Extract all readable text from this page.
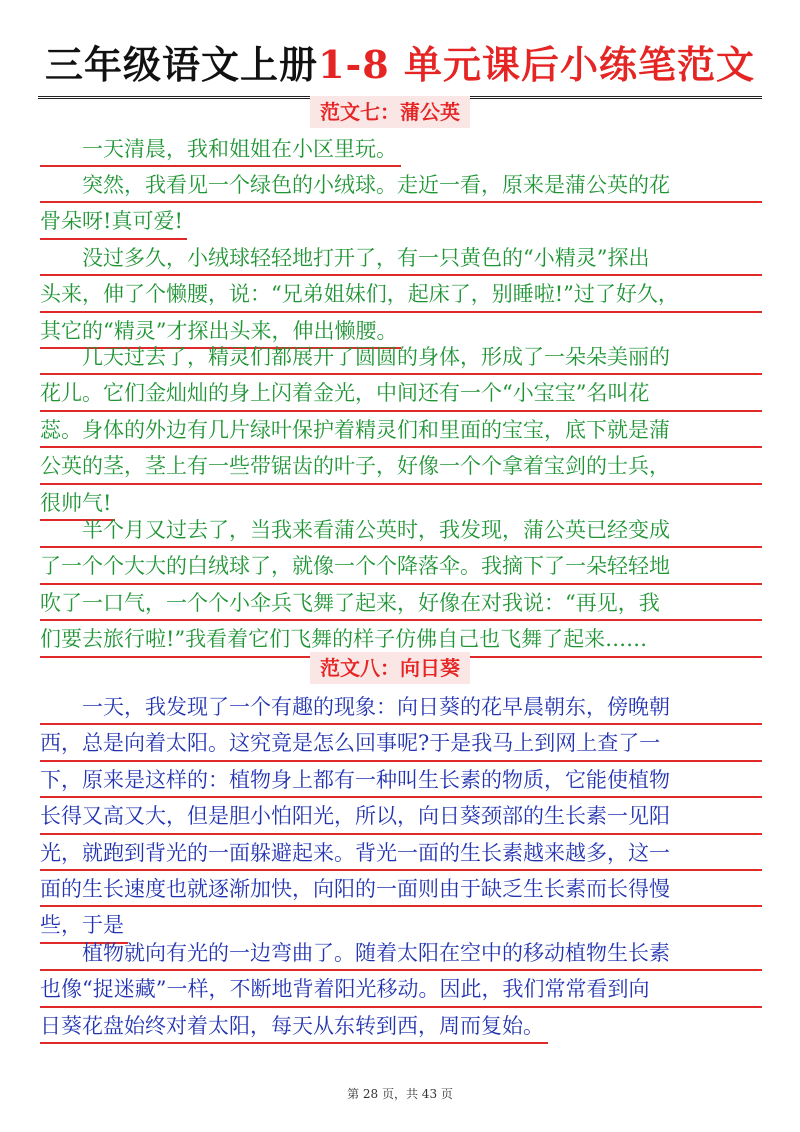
三年级语文上册1-8 单元课后小练笔范文
范文七：蒲公英
一天清晨，我和姐姐在小区里玩。
突然，我看见一个绿色的小绒球。走近一看，原来是蒲公英的花
骨朵呀!真可爱!
没过多久，小绒球轻轻地打开了，有一只黄色的“小精灵”探出
头来，伸了个懒腰，说：“兄弟姐妹们，起床了，别睡啦!”过了好久，
其它的“精灵”才探出头来，伸出懒腰。
几天过去了，精灵们都展开了圆圆的身体，形成了一朵朵美丽的
花儿。它们金灿灿的身上闪着金光，中间还有一个“小宝宝”名叫花
蕊。身体的外边有几片绿叶保护着精灵们和里面的宝宝，底下就是蒲
公英的茎，茎上有一些带锯齿的叶子，好像一个个拿着宝剑的士兵，
很帅气!
半个月又过去了，当我来看蒲公英时，我发现，蒲公英已经变成
了一个个大大的白绒球了，就像一个个降落伞。我摘下了一朵轻轻地
吹了一口气，一个个小伞兵飞舞了起来，好像在对我说：“再见，我
们要去旅行啦!”我看着它们飞舞的样子仿佛自己也飞舞了起来……
范文八：向日葵
一天，我发现了一个有趣的现象：向日葵的花早晨朝东，傍晚朝
西，总是向着太阳。这究竟是怎么回事呢?于是我马上到网上查了一
下，原来是这样的：植物身上都有一种叫生长素的物质，它能使植物
长得又高又大，但是胆小怕阳光，所以，向日葵颈部的生长素一见阳
光，就跑到背光的一面躲避起来。背光一面的生长素越来越多，这一
面的生长速度也就逐渐加快，向阳的一面则由于缺乏生长素而长得慢
些，于是
植物就向有光的一边弯曲了。随着太阳在空中的移动植物生长素
也像“捉迷藏”一样，不断地背着阳光移动。因此，我们常常看到向
日葵花盘始终对着太阳，每天从东转到西，周而复始。
第 28 页，共 43 页
